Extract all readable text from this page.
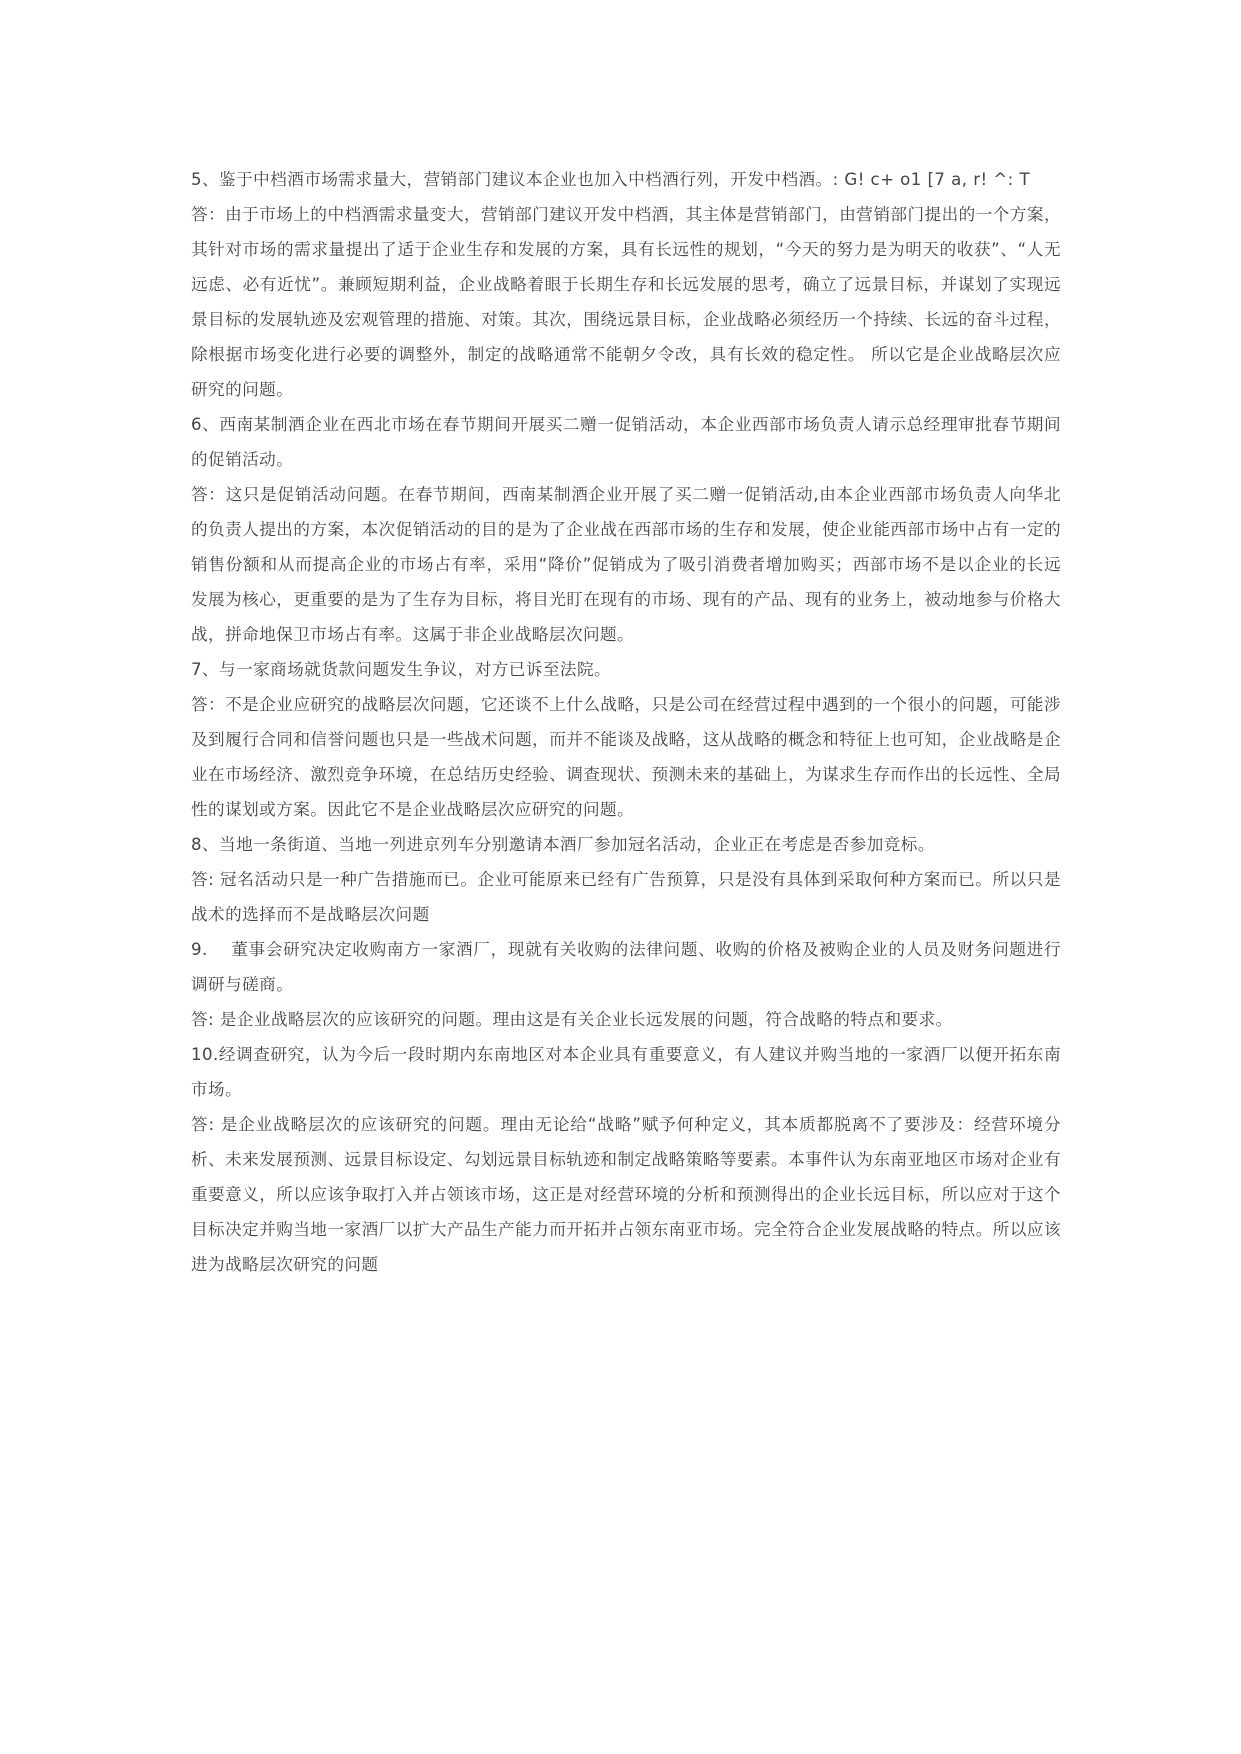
5、鉴于中档酒市场需求量大，营销部门建议本企业也加入中档酒行列，开发中档酒。: G! c+ o1 [7 a, r! ^: T

答：由于市场上的中档酒需求量变大，营销部门建议开发中档酒，其主体是营销部门，由营销部门提出的一个方案，其针对市场的需求量提出了适于企业生存和发展的方案，具有长远性的规划，“今天的努力是为明天的收获”、“人无远虑、必有近忧”。兼顾短期利益，企业战略着眼于长期生存和长远发展的思考，确立了远景目标，并谋划了实现远景目标的发展轨迹及宏观管理的措施、对策。其次，围绕远景目标，企业战略必须经历一个持续、长远的奋斗过程，除根据市场变化进行必要的调整外，制定的战略通常不能朝夕令改，具有长效的稳定性。 所以它是企业战略层次应研究的问题。

6、西南某制酒企业在西北市场在春节期间开展买二赠一促销活动，本企业西部市场负责人请示总经理审批春节期间的促销活动。

答：这只是促销活动问题。在春节期间，西南某制酒企业开展了买二赠一促销活动,由本企业西部市场负责人向华北的负责人提出的方案，本次促销活动的目的是为了企业战在西部市场的生存和发展，使企业能西部市场中占有一定的销售份额和从而提高企业的市场占有率，采用“降价”促销成为了吸引消费者增加购买；西部市场不是以企业的长远发展为核心，更重要的是为了生存为目标，将目光盯在现有的市场、现有的产品、现有的业务上，被动地参与价格大战，拼命地保卫市场占有率。这属于非企业战略层次问题。

7、与一家商场就货款问题发生争议，对方已诉至法院。

答：不是企业应研究的战略层次问题，它还谈不上什么战略，只是公司在经营过程中遇到的一个很小的问题，可能涉及到履行合同和信誉问题也只是一些战术问题，而并不能谈及战略，这从战略的概念和特征上也可知，企业战略是企业在市场经济、激烈竞争环境，在总结历史经验、调查现状、预测未来的基础上，为谋求生存而作出的长远性、全局性的谋划或方案。因此它不是企业战略层次应研究的问题。

8、当地一条街道、当地一列进京列车分别邀请本酒厂参加冠名活动，企业正在考虑是否参加竞标。

答: 冠名活动只是一种广告措施而已。企业可能原来已经有广告预算，只是没有具体到采取何种方案而已。所以只是战术的选择而不是战略层次问题

9.　 董事会研究决定收购南方一家酒厂，现就有关收购的法律问题、收购的价格及被购企业的人员及财务问题进行调研与磋商。

答: 是企业战略层次的应该研究的问题。理由这是有关企业长远发展的问题，符合战略的特点和要求。

10.经调查研究，认为今后一段时期内东南地区对本企业具有重要意义，有人建议并购当地的一家酒厂以便开拓东南市场。

答: 是企业战略层次的应该研究的问题。理由无论给“战略”赋予何种定义，其本质都脱离不了要涉及：经营环境分析、未来发展预测、远景目标设定、勾划远景目标轨迹和制定战略策略等要素。本事件认为东南亚地区市场对企业有重要意义，所以应该争取打入并占领该市场，这正是对经营环境的分析和预测得出的企业长远目标，所以应对于这个目标决定并购当地一家酒厂以扩大产品生产能力而开拓并占领东南亚市场。完全符合企业发展战略的特点。所以应该进为战略层次研究的问题
